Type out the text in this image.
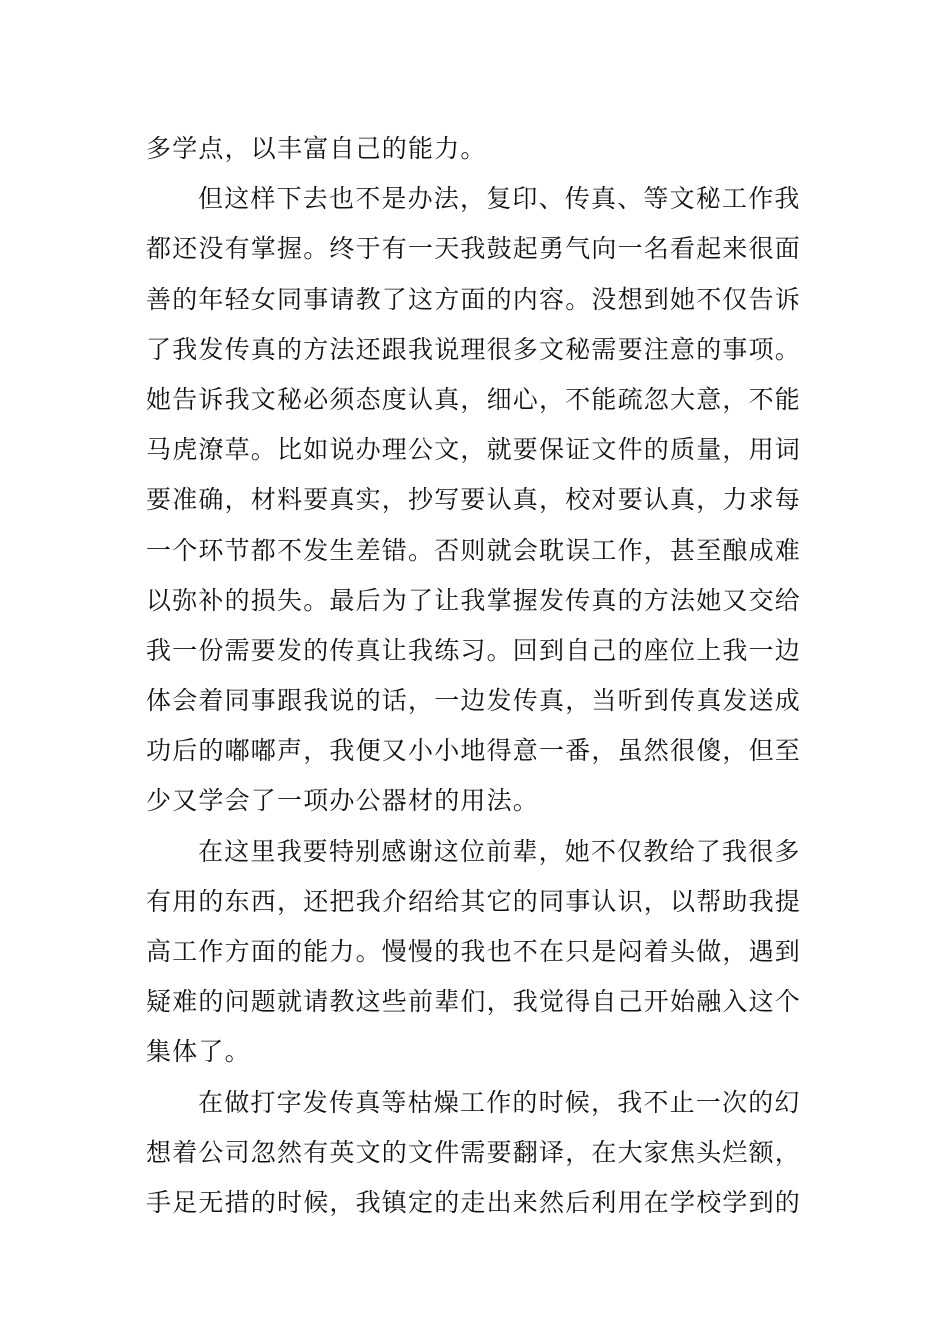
多学点，以丰富自己的能力。
但这样下去也不是办法，复印、传真、等文秘工作我
都还没有掌握。终于有一天我鼓起勇气向一名看起来很面
善的年轻女同事请教了这方面的内容。没想到她不仅告诉
了我发传真的方法还跟我说理很多文秘需要注意的事项。
她告诉我文秘必须态度认真，细心，不能疏忽大意，不能
马虎潦草。比如说办理公文，就要保证文件的质量，用词
要准确，材料要真实，抄写要认真，校对要认真，力求每
一个环节都不发生差错。否则就会耽误工作，甚至酿成难
以弥补的损失。最后为了让我掌握发传真的方法她又交给
我一份需要发的传真让我练习。回到自己的座位上我一边
体会着同事跟我说的话，一边发传真，当听到传真发送成
功后的嘟嘟声，我便又小小地得意一番，虽然很傻，但至
少又学会了一项办公器材的用法。
在这里我要特别感谢这位前辈，她不仅教给了我很多
有用的东西，还把我介绍给其它的同事认识，以帮助我提
高工作方面的能力。慢慢的我也不在只是闷着头做，遇到
疑难的问题就请教这些前辈们，我觉得自己开始融入这个
集体了。
在做打字发传真等枯燥工作的时候，我不止一次的幻
想着公司忽然有英文的文件需要翻译，在大家焦头烂额，
手足无措的时候，我镇定的走出来然后利用在学校学到的
